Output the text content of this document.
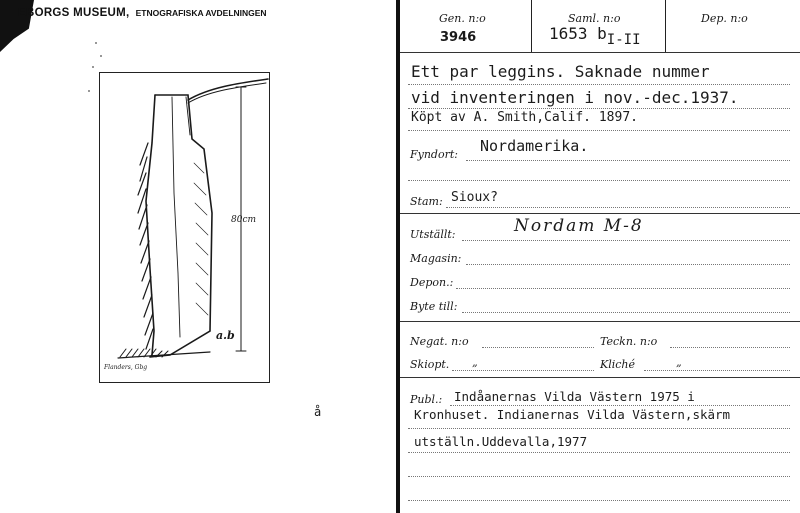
EBORGS MUSEUM, ETNOGRAFISKA AVDELNINGEN
80cm
a.b
Flanders, Gbg
å
Gen. n:o
3946
Saml. n:o
1653 bI-II
Dep. n:o
Ett par leggins. Saknade nummer
vid inventeringen i nov.-dec.1937.
Köpt av A. Smith,Calif. 1897.
Fyndort: Nordamerika.
Stam: Sioux?
Utställt:	Nordam M-8
Magasin:
Depon.:
Byte till:
Negat. n:o	Teckn. n:o
Skiopt. „	Kliché	„
Publ.: Indåanernas Vilda Västern 1975 i
Kronhuset. Indianernas Vilda Västern,skärm
utställn.Uddevalla,1977
